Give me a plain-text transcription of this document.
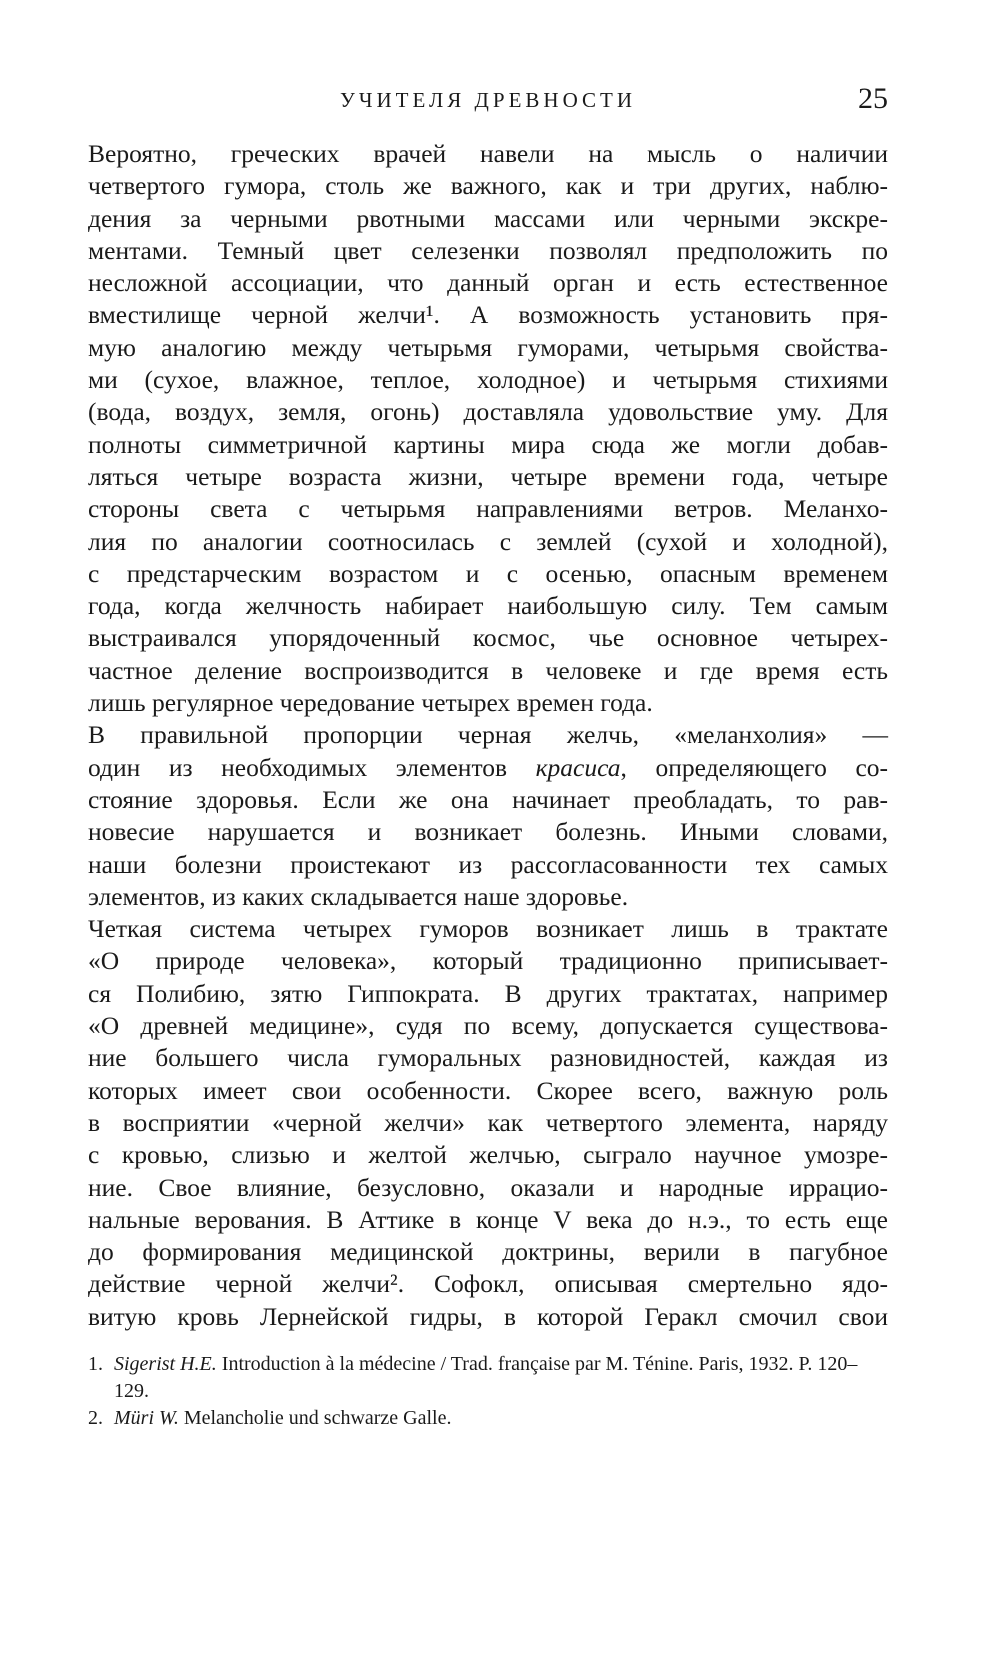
УЧИТЕЛЯ ДРЕВНОСТИ	25
Вероятно, греческих врачей навели на мысль о наличии
четвертого гумора, столь же важного, как и три других, наблю-
дения за черными рвотными массами или черными экскре-
ментами. Темный цвет селезенки позволял предположить по
несложной ассоциации, что данный орган и есть естественное
вместилище черной желчи¹. А возможность установить пря-
мую аналогию между четырьмя гуморами, четырьмя свойства-
ми (сухое, влажное, теплое, холодное) и четырьмя стихиями
(вода, воздух, земля, огонь) доставляла удовольствие уму. Для
полноты симметричной картины мира сюда же могли добав-
ляться четыре возраста жизни, четыре времени года, четыре
стороны света с четырьмя направлениями ветров. Меланхо-
лия по аналогии соотносилась с землей (сухой и холодной),
с предстарческим возрастом и с осенью, опасным временем
года, когда желчность набирает наибольшую силу. Тем самым
выстраивался упорядоченный космос, чье основное четырех-
частное деление воспроизводится в человеке и где время есть
лишь регулярное чередование четырех времен года.
В правильной пропорции черная желчь, «меланхолия» —
один из необходимых элементов красиса, определяющего со-
стояние здоровья. Если же она начинает преобладать, то рав-
новесие нарушается и возникает болезнь. Иными словами,
наши болезни проистекают из рассогласованности тех самых
элементов, из каких складывается наше здоровье.
Четкая система четырех гуморов возникает лишь в трактате
«О природе человека», который традиционно приписывает-
ся Полибию, зятю Гиппократа. В других трактатах, например
«О древней медицине», судя по всему, допускается существова-
ние большего числа гуморальных разновидностей, каждая из
которых имеет свои особенности. Скорее всего, важную роль
в восприятии «черной желчи» как четвертого элемента, наряду
с кровью, слизью и желтой желчью, сыграло научное умозре-
ние. Свое влияние, безусловно, оказали и народные иррацио-
нальные верования. В Аттике в конце V века до н.э., то есть еще
до формирования медицинской доктрины, верили в пагубное
действие черной желчи². Софокл, описывая смертельно ядо-
витую кровь Лернейской гидры, в которой Геракл смочил свои
1. Sigerist H.E. Introduction à la médecine / Trad. française par M. Ténine. Paris, 1932. P. 120–129.
2. Müri W. Melancholie und schwarze Galle.
